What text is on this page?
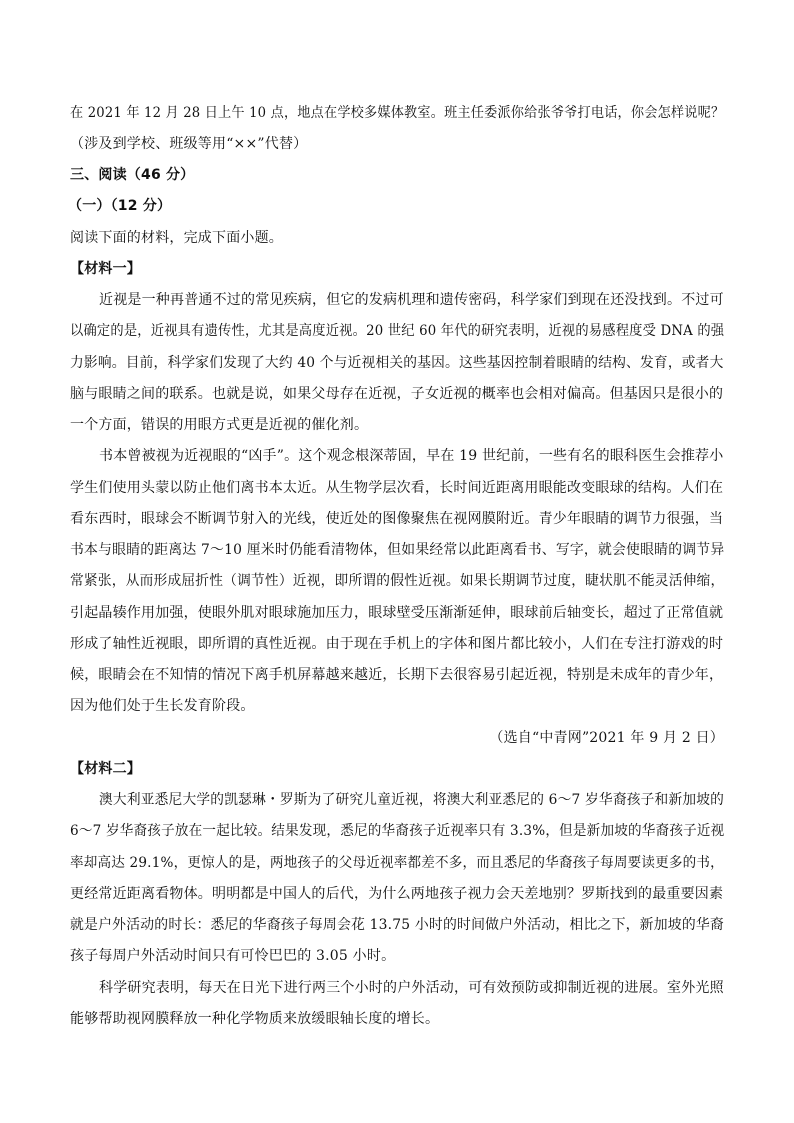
在 2021 年 12 月 28 日上午 10 点，地点在学校多媒体教室。班主任委派你给张爷爷打电话，你会怎样说呢？
（涉及到学校、班级等用“××”代替）
三、阅读（46 分）
（一）（12 分）
阅读下面的材料，完成下面小题。
【材料一】
近视是一种再普通不过的常见疾病，但它的发病机理和遗传密码，科学家们到现在还没找到。不过可
以确定的是，近视具有遗传性，尤其是高度近视。20 世纪 60 年代的研究表明，近视的易感程度受 DNA 的强
力影响。目前，科学家们发现了大约 40 个与近视相关的基因。这些基因控制着眼睛的结构、发育，或者大
脑与眼睛之间的联系。也就是说，如果父母存在近视，子女近视的概率也会相对偏高。但基因只是很小的
一个方面，错误的用眼方式更是近视的催化剂。
书本曾被视为近视眼的“凶手”。这个观念根深蒂固，早在 19 世纪前，一些有名的眼科医生会推荐小
学生们使用头蒙以防止他们离书本太近。从生物学层次看，长时间近距离用眼能改变眼球的结构。人们在
看东西时，眼球会不断调节射入的光线，使近处的图像聚焦在视网膜附近。青少年眼睛的调节力很强，当
书本与眼睛的距离达 7～10 厘米时仍能看清物体，但如果经常以此距离看书、写字，就会使眼睛的调节异
常紧张，从而形成屈折性（调节性）近视，即所谓的假性近视。如果长期调节过度，睫状肌不能灵活伸缩，
引起晶辏作用加强，使眼外肌对眼球施加压力，眼球壁受压渐渐延伸，眼球前后轴变长，超过了正常值就
形成了轴性近视眼，即所谓的真性近视。由于现在手机上的字体和图片都比较小，人们在专注打游戏的时
候，眼睛会在不知情的情况下离手机屏幕越来越近，长期下去很容易引起近视，特别是未成年的青少年，
因为他们处于生长发育阶段。
（选自“中青网”2021 年 9 月 2 日）
【材料二】
澳大利亚悉尼大学的凯瑟琳・罗斯为了研究儿童近视，将澳大利亚悉尼的 6～7 岁华裔孩子和新加坡的
6～7 岁华裔孩子放在一起比较。结果发现，悉尼的华裔孩子近视率只有 3.3%，但是新加坡的华裔孩子近视
率却高达 29.1%，更惊人的是，两地孩子的父母近视率都差不多，而且悉尼的华裔孩子每周要读更多的书，
更经常近距离看物体。明明都是中国人的后代，为什么两地孩子视力会天差地别？罗斯找到的最重要因素
就是户外活动的时长：悉尼的华裔孩子每周会花 13.75 小时的时间做户外活动，相比之下，新加坡的华裔
孩子每周户外活动时间只有可怜巴巴的 3.05 小时。
科学研究表明，每天在日光下进行两三个小时的户外活动，可有效预防或抑制近视的进展。室外光照
能够帮助视网膜释放一种化学物质来放缓眼轴长度的增长。
